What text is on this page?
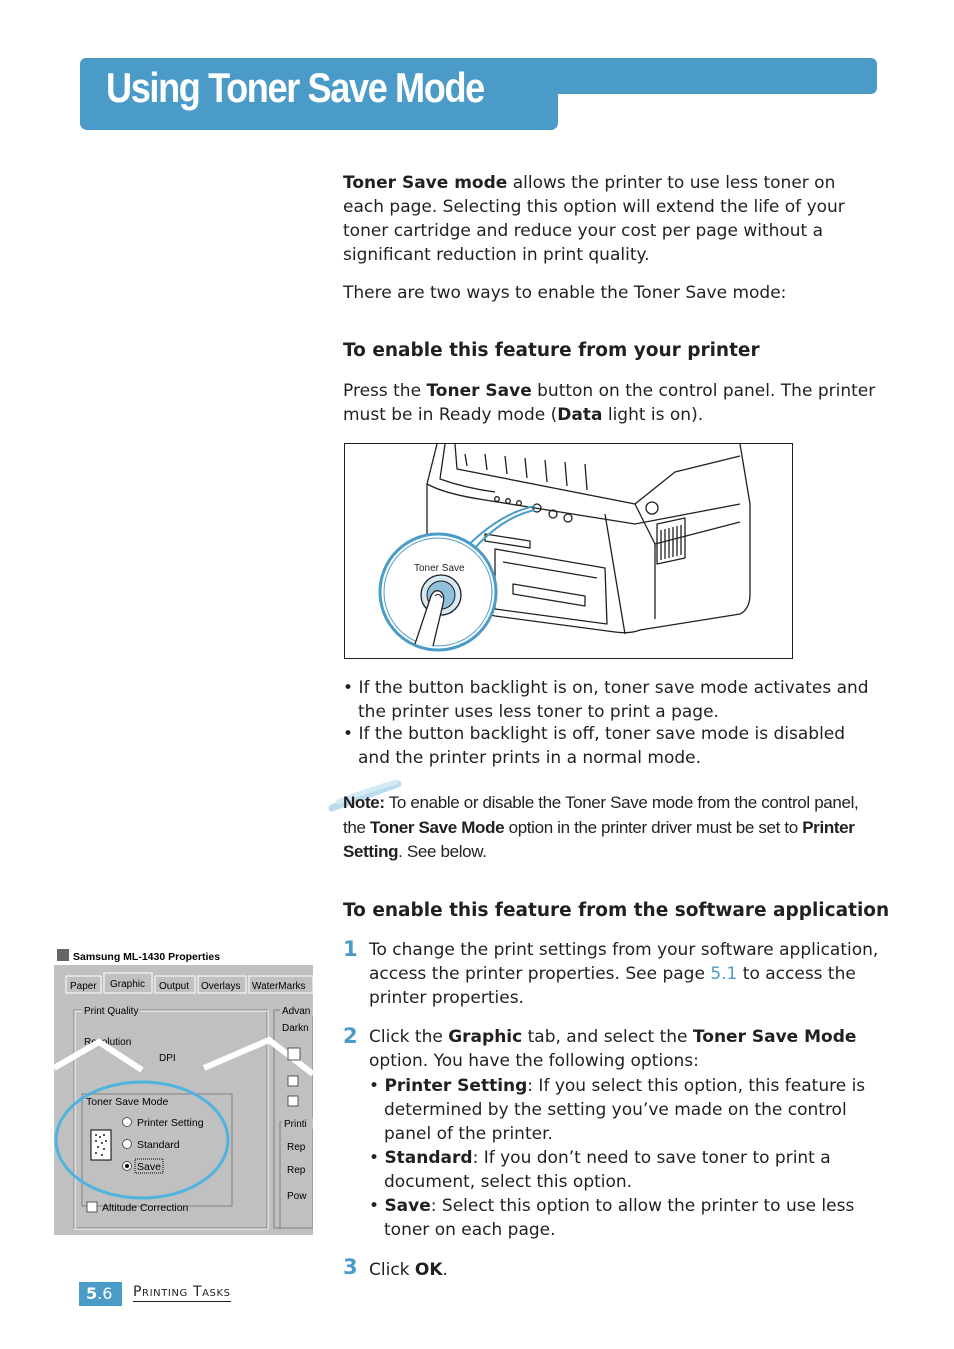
Using Toner Save Mode
Toner Save mode allows the printer to use less toner on each page. Selecting this option will extend the life of your toner cartridge and reduce your cost per page without a significant reduction in print quality.
There are two ways to enable the Toner Save mode:
To enable this feature from your printer
Press the Toner Save button on the control panel. The printer must be in Ready mode (Data light is on).
Toner Save
• If the button backlight is on, toner save mode activates and the printer uses less toner to print a page.
• If the button backlight is off, toner save mode is disabled and the printer prints in a normal mode.
Note: To enable or disable the Toner Save mode from the control panel, the Toner Save Mode option in the printer driver must be set to Printer Setting. See below.
To enable this feature from the software application
1 To change the print settings from your software application, access the printer properties. See page 5.1 to access the printer properties.
2 Click the Graphic tab, and select the Toner Save Mode option. You have the following options:
• Printer Setting: If you select this option, this feature is determined by the setting you’ve made on the control panel of the printer.
• Standard: If you don’t need to save toner to print a document, select this option.
• Save: Select this option to allow the printer to use less toner on each page.
3 Click OK.
Samsung ML-1430 Properties
Paper Graphic Output Overlays WaterMarks
Print Quality	Advan
Darkn
Resolution
DPI
Toner Save Mode
Printer Setting
Standard
Save
Altitude Correction
Printi
Rep
Rep
Pow
5.6 Printing Tasks
